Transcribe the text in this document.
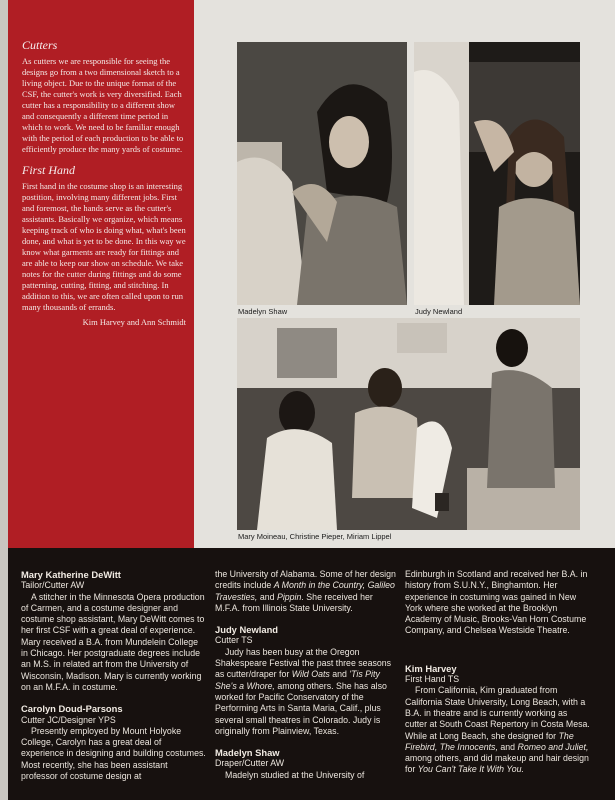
Cutters

As cutters we are responsible for seeing the designs go from a two dimensional sketch to a living object. Due to the unique format of the CSF, the cutter's work is very diversified. Each cutter has a responsibility to a different show and consequently a different time period in which to work. We need to be familiar enough with the period of each production to be able to efficiently produce the many yards of costume.

First Hand

First hand in the costume shop is an interesting postition, involving many different jobs. First and foremost, the hands serve as the cutter's assistants. Basically we organize, which means keeping track of who is doing what, what's been done, and what is yet to be done. In this way we know what garments are ready for fittings and are able to keep our show on schedule. We take notes for the cutter during fittings and do some patterning, cutting, fitting, and stitching. In addition to this, we are often called upon to run many thousands of errands.

Kim Harvey and Ann Schmidt
Madelyn Shaw	Judy Newland
Mary Moineau, Christine Pieper, Miriam Lippel
Mary Katherine DeWitt
Tailor/Cutter AW

A stitcher in the Minnesota Opera production of Carmen, and a costume designer and costume shop assistant, Mary DeWitt comes to her first CSF with a great deal of experience. Mary received a B.A. from Mundelein College in Chicago. Her postgraduate degrees include an M.S. in related art from the University of Wisconsin, Madison. Mary is currently working on an M.F.A. in costume.

Carolyn Doud-Parsons
Cutter JC/Designer YPS

Presently employed by Mount Holyoke College, Carolyn has a great deal of experience in designing and building costumes. Most recently, she has been assistant professor of costume design at

the University of Alabama. Some of her design credits include A Month in the Country, Galileo Travesties, and Pippin. She received her M.F.A. from Illinois State University.
Judy Newland
Cutter TS

Judy has been busy at the Oregon Shakespeare Festival the past three seasons as cutter/draper for Wild Oats and 'Tis Pity She's a Whore, among others. She has also worked for Pacific Conservatory of the Performing Arts in Santa Maria, Calif., plus several small theatres in Colorado. Judy is originally from Plainview, Texas.

Madelyn Shaw
Draper/Cutter AW

Madelyn studied at the University of

Edinburgh in Scotland and received her B.A. in history from S.U.N.Y., Binghamton. Her experience in costuming was gained in New York where she worked at the Brooklyn Academy of Music, Brooks-Van Horn Costume Company, and Chelsea Westside Theatre.
Kim Harvey
First Hand TS

From California, Kim graduated from California State University, Long Beach, with a B.A. in theatre and is currently working as cutter at South Coast Repertory in Costa Mesa. While at Long Beach, she designed for The Firebird, The Innocents, and Romeo and Juliet, among others, and did makeup and hair design for You Can't Take It With You.
